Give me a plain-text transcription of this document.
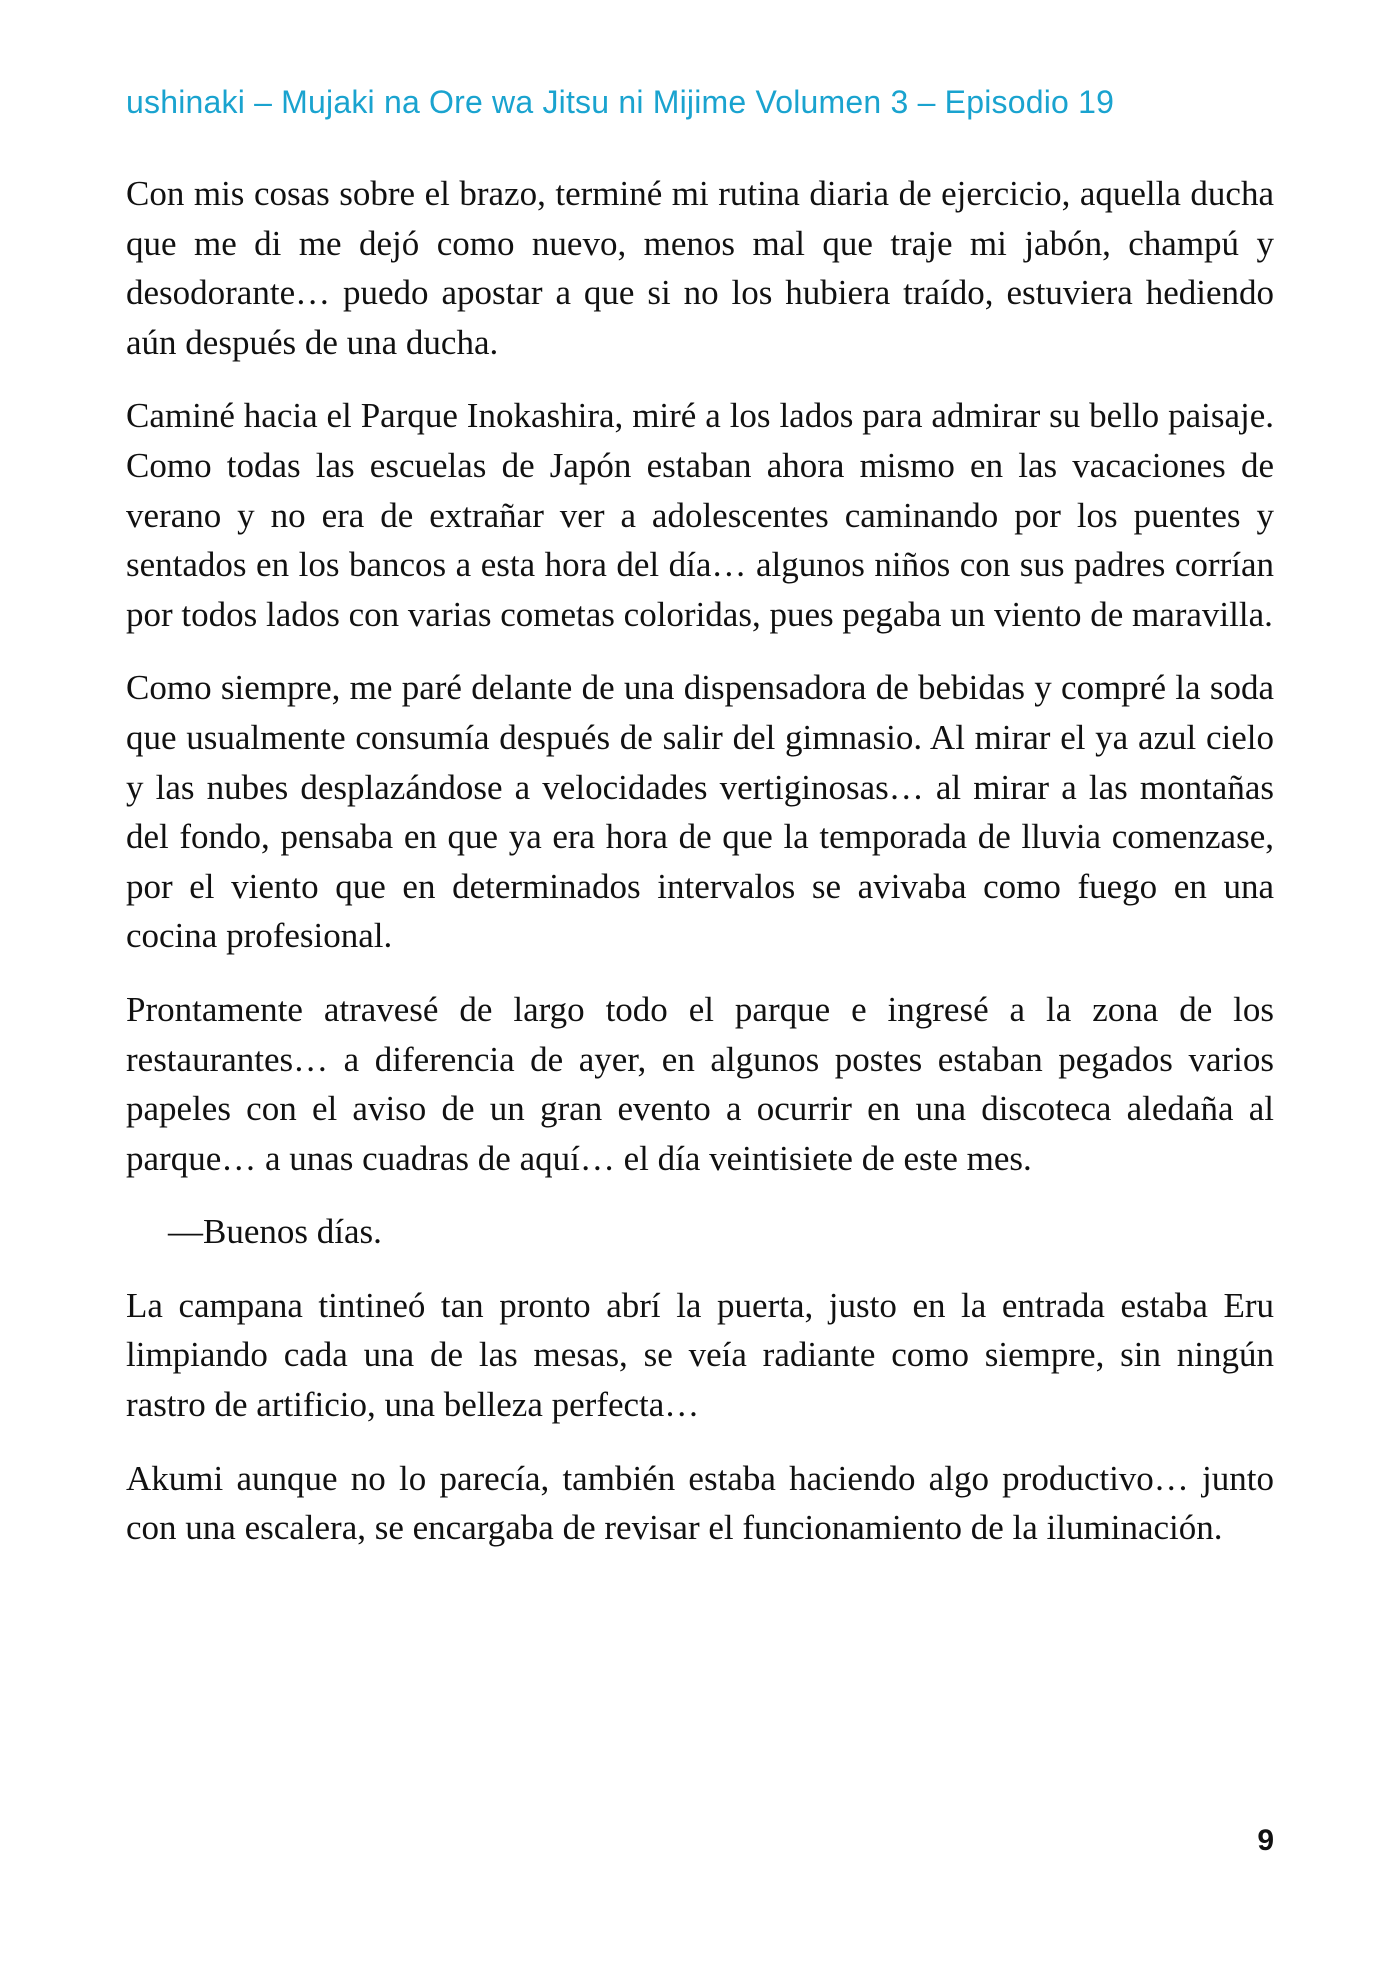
ushinaki – Mujaki na Ore wa Jitsu ni Mijime Volumen 3 – Episodio 19

Con mis cosas sobre el brazo, terminé mi rutina diaria de ejercicio, aquella ducha que me di me dejó como nuevo, menos mal que traje mi jabón, champú y desodorante… puedo apostar a que si no los hubiera traído, estuviera hediendo aún después de una ducha.

Caminé hacia el Parque Inokashira, miré a los lados para admirar su bello paisaje. Como todas las escuelas de Japón estaban ahora mismo en las vacaciones de verano y no era de extrañar ver a adolescentes caminando por los puentes y sentados en los bancos a esta hora del día… algunos niños con sus padres corrían por todos lados con varias cometas coloridas, pues pegaba un viento de maravilla.

Como siempre, me paré delante de una dispensadora de bebidas y compré la soda que usualmente consumía después de salir del gimnasio. Al mirar el ya azul cielo y las nubes desplazándose a velocidades vertiginosas… al mirar a las montañas del fondo, pensaba en que ya era hora de que la temporada de lluvia comenzase, por el viento que en determinados intervalos se avivaba como fuego en una cocina profesional.

Prontamente atravesé de largo todo el parque e ingresé a la zona de los restaurantes… a diferencia de ayer, en algunos postes estaban pegados varios papeles con el aviso de un gran evento a ocurrir en una discoteca aledaña al parque… a unas cuadras de aquí… el día veintisiete de este mes.

—Buenos días.

La campana tintineó tan pronto abrí la puerta, justo en la entrada estaba Eru limpiando cada una de las mesas, se veía radiante como siempre, sin ningún rastro de artificio, una belleza perfecta…

Akumi aunque no lo parecía, también estaba haciendo algo productivo… junto con una escalera, se encargaba de revisar el funcionamiento de la iluminación.

9
